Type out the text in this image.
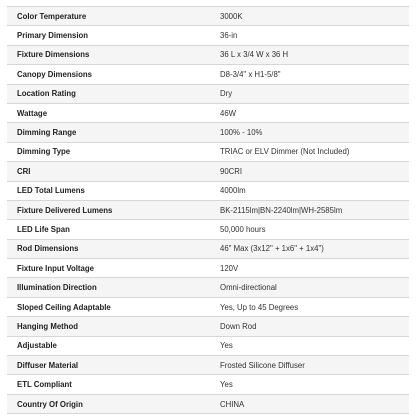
Color Temperature	3000K
Primary Dimension	36-in
Fixture Dimensions	36 L x 3/4 W x 36 H
Canopy Dimensions	D8-3/4" x H1-5/8"
Location Rating	Dry
Wattage	46W
Dimming Range	100% - 10%
Dimming Type	TRIAC or ELV Dimmer (Not Included)
CRI	90CRI
LED Total Lumens	4000lm
Fixture Delivered Lumens	BK-2115lm|BN-2240lm|WH-2585lm
LED Life Span	50,000 hours
Rod Dimensions	46" Max (3x12" + 1x6" + 1x4")
Fixture Input Voltage	120V
Illumination Direction	Omni-directional
Sloped Ceiling Adaptable	Yes, Up to 45 Degrees
Hanging Method	Down Rod
Adjustable	Yes
Diffuser Material	Frosted Silicone Diffuser
ETL Compliant	Yes
Country Of Origin	CHINA
